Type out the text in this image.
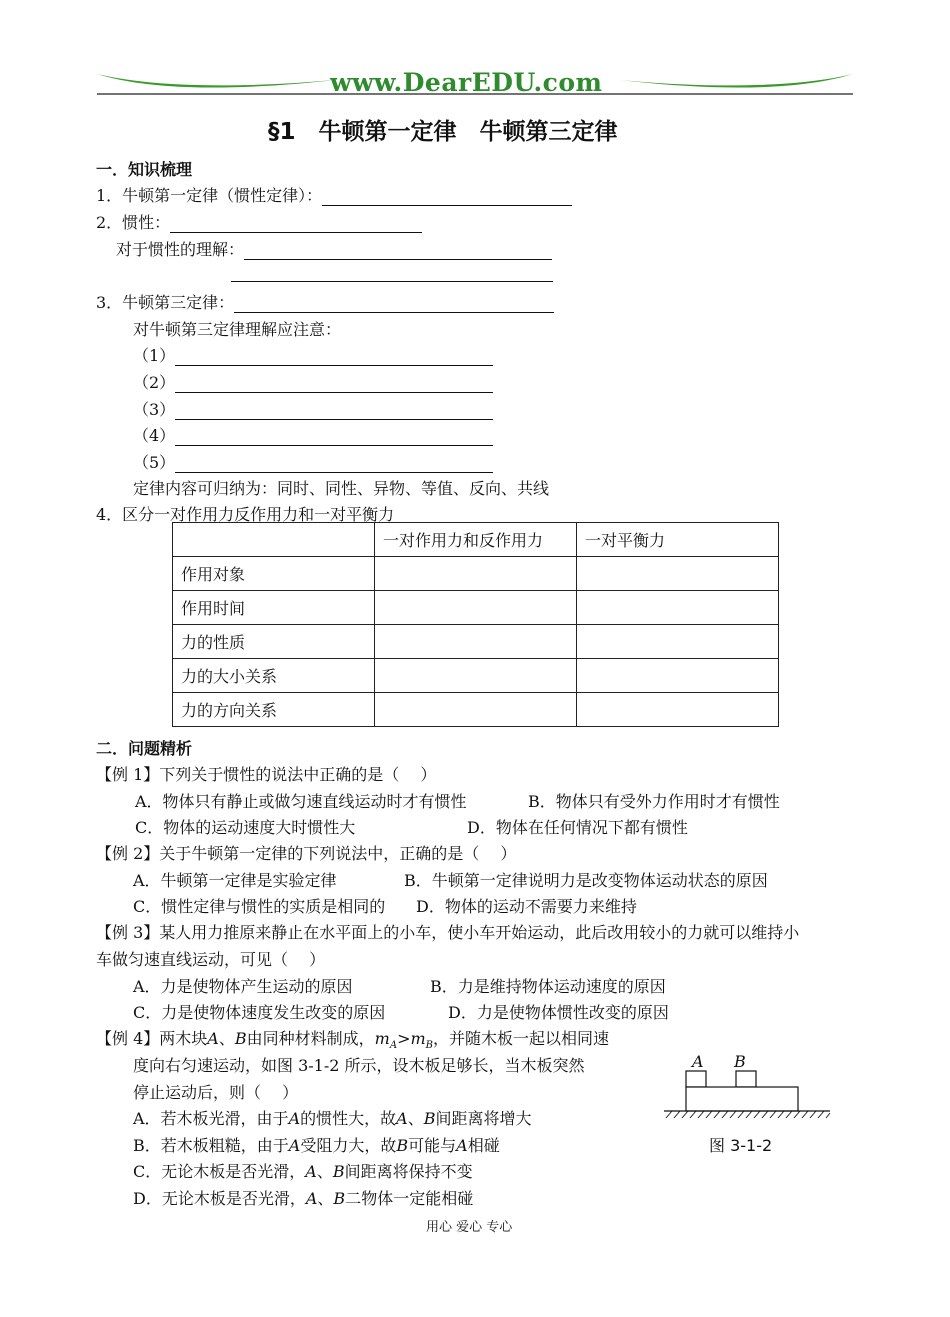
www.DearEDU.com
§1　牛顿第一定律　牛顿第三定律
一．知识梳理
1．牛顿第一定律（惯性定律）：
2．惯性：
对于惯性的理解：
3．牛顿第三定律：
对牛顿第三定律理解应注意：
（1）
（2）
（3）
（4）
（5）
定律内容可归纳为：同时、同性、异物、等值、反向、共线
4．区分一对作用力反作用力和一对平衡力
	一对作用力和反作用力	一对平衡力
作用对象		
作用时间		
力的性质		
力的大小关系		
力的方向关系		
二．问题精析
【例 1】下列关于惯性的说法中正确的是（　 ）
A．物体只有静止或做匀速直线运动时才有惯性	B．物体只有受外力作用时才有惯性
C．物体的运动速度大时惯性大	D．物体在任何情况下都有惯性
【例 2】关于牛顿第一定律的下列说法中，正确的是（　 ）
A．牛顿第一定律是实验定律	B．牛顿第一定律说明力是改变物体运动状态的原因
C．惯性定律与惯性的实质是相同的 D．物体的运动不需要力来维持
【例 3】某人用力推原来静止在水平面上的小车，使小车开始运动，此后改用较小的力就可以维持小
车做匀速直线运动，可见（　 ）
A．力是使物体产生运动的原因	B．力是维持物体运动速度的原因
C．力是使物体速度发生改变的原因	D．力是使物体惯性改变的原因
【例 4】两木块A、B由同种材料制成，$m_A>m_B$，并随木板一起以相同速
度向右匀速运动，如图 3-1-2 所示，设木板足够长，当木板突然
停止运动后，则（　 ）
A．若木板光滑，由于A的惯性大，故A、B间距离将增大
B．若木板粗糙，由于A受阻力大，故B可能与A相碰
C．无论木板是否光滑，A、B间距离将保持不变
D．无论木板是否光滑，A、B二物体一定能相碰
A B
图 3-1-2
用心 爱心 专心
